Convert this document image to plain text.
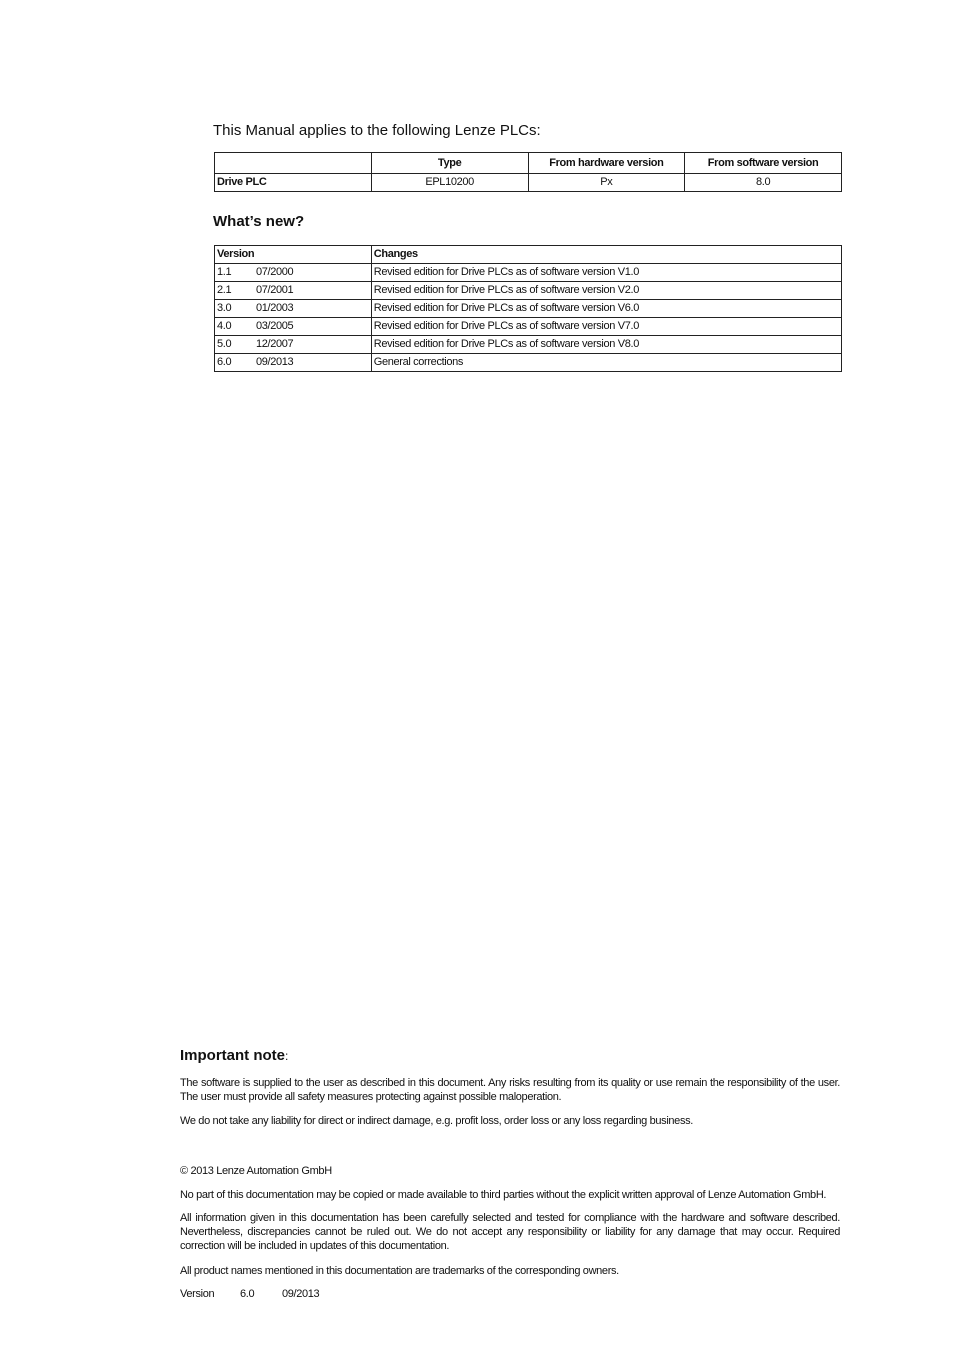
This Manual applies to the following Lenze PLCs:
	Type	From hardware version	From software version
Drive PLC	EPL10200	Px	8.0
What’s new?
Version	Changes
1.1 07/2000	Revised edition for Drive PLCs as of software version V1.0
2.1 07/2001	Revised edition for Drive PLCs as of software version V2.0
3.0 01/2003	Revised edition for Drive PLCs as of software version V6.0
4.0 03/2005	Revised edition for Drive PLCs as of software version V7.0
5.0 12/2007	Revised edition for Drive PLCs as of software version V8.0
6.0 09/2013	General corrections
Important note:
The software is supplied to the user as described in this document. Any risks resulting from its quality or use remain the responsibility of the user. The user must provide all safety measures protecting against possible maloperation.
We do not take any liability for direct or indirect damage, e.g. profit loss, order loss or any loss regarding business.
© 2013 Lenze Automation GmbH
No part of this documentation may be copied or made available to third parties without the explicit written approval of Lenze Automation GmbH.
All information given in this documentation has been carefully selected and tested for compliance with the hardware and software described. Nevertheless, discrepancies cannot be ruled out. We do not accept any responsibility or liability for any damage that may occur. Required correction will be included in updates of this documentation.
All product names mentioned in this documentation are trademarks of the corresponding owners.
Version 6.0	09/2013
